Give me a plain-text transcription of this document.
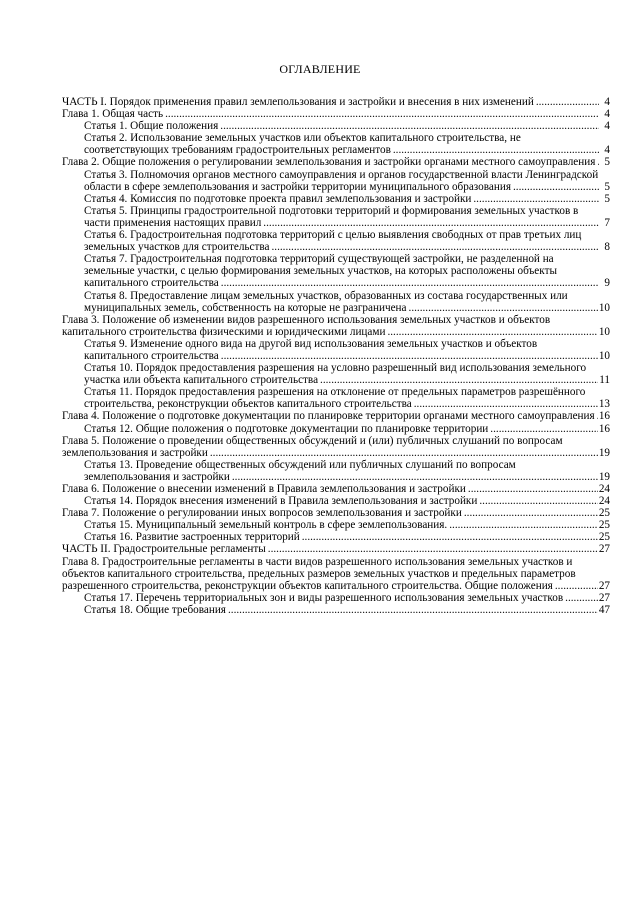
ОГЛАВЛЕНИЕ
ЧАСТЬ I. Порядок применения правил землепользования и застройки и внесения в них изменений .....	4
Глава 1. Общая часть .....	4
Статья 1. Общие положения .....	4
Статья 2. Использование земельных участков или объектов капитального строительства, не соответствующих требованиям градостроительных регламентов .....	4
Глава 2. Общие положения о регулировании землепользования и застройки органами местного самоуправления ..... 5
Статья 3. Полномочия органов местного самоуправления и органов государственной власти Ленинградской области в сфере землепользования и застройки территории муниципального образования .....	5
Статья 4. Комиссия по подготовке проекта правил землепользования и застройки .....	5
Статья 5. Принципы градостроительной подготовки территорий и формирования земельных участков в части применения настоящих правил .....	7
Статья 6. Градостроительная подготовка территорий с целью выявления свободных от прав третьих лиц земельных участков для строительства .....	8
Статья 7. Градостроительная подготовка территорий существующей застройки, не разделенной на земельные участки, с целью формирования земельных участков, на которых расположены объекты капитального строительства .....	9
Статья 8. Предоставление лицам земельных участков, образованных из состава государственных или муниципальных земель, собственность на которые не разграничена .....	10
Глава 3. Положение об изменении видов разрешенного использования земельных участков и объектов капитального строительства физическими и юридическими лицами .....	10
Статья 9. Изменение одного вида на другой вид использования земельных участков и объектов капитального строительства .....	10
Статья 10. Порядок предоставления разрешения на условно разрешенный вид использования земельного участка или объекта капитального строительства .....	11
Статья 11. Порядок предоставления разрешения на отклонение от предельных параметров разрешённого строительства, реконструкции объектов капитального строительства .....	13
Глава 4. Положение о подготовке документации по планировке территории органами местного самоуправления ..... 16
Статья 12. Общие положения о подготовке документации по планировке территории .....	16
Глава 5. Положение о проведении общественных обсуждений и (или) публичных слушаний по вопросам землепользования и застройки .....	19
Статья 13. Проведение общественных обсуждений или публичных слушаний по вопросам землепользования и застройки .....	19
Глава 6. Положение о внесении изменений в Правила землепользования и застройки .....	24
Статья 14. Порядок внесения изменений в Правила землепользования и застройки .....	24
Глава 7. Положение о регулировании иных вопросов землепользования и застройки .....	25
Статья 15. Муниципальный земельный контроль в сфере землепользования. .....	25
Статья 16. Развитие застроенных территорий .....	25
ЧАСТЬ II. Градостроительные регламенты .....	27
Глава 8. Градостроительные регламенты в части видов разрешенного использования земельных участков и объектов капитального строительства, предельных размеров земельных участков и предельных параметров разрешенного строительства, реконструкции объектов капитального строительства. Общие положения .....	27
Статья 17. Перечень территориальных зон и виды разрешенного использования земельных участков .....	27
Статья 18. Общие требования .....	47
